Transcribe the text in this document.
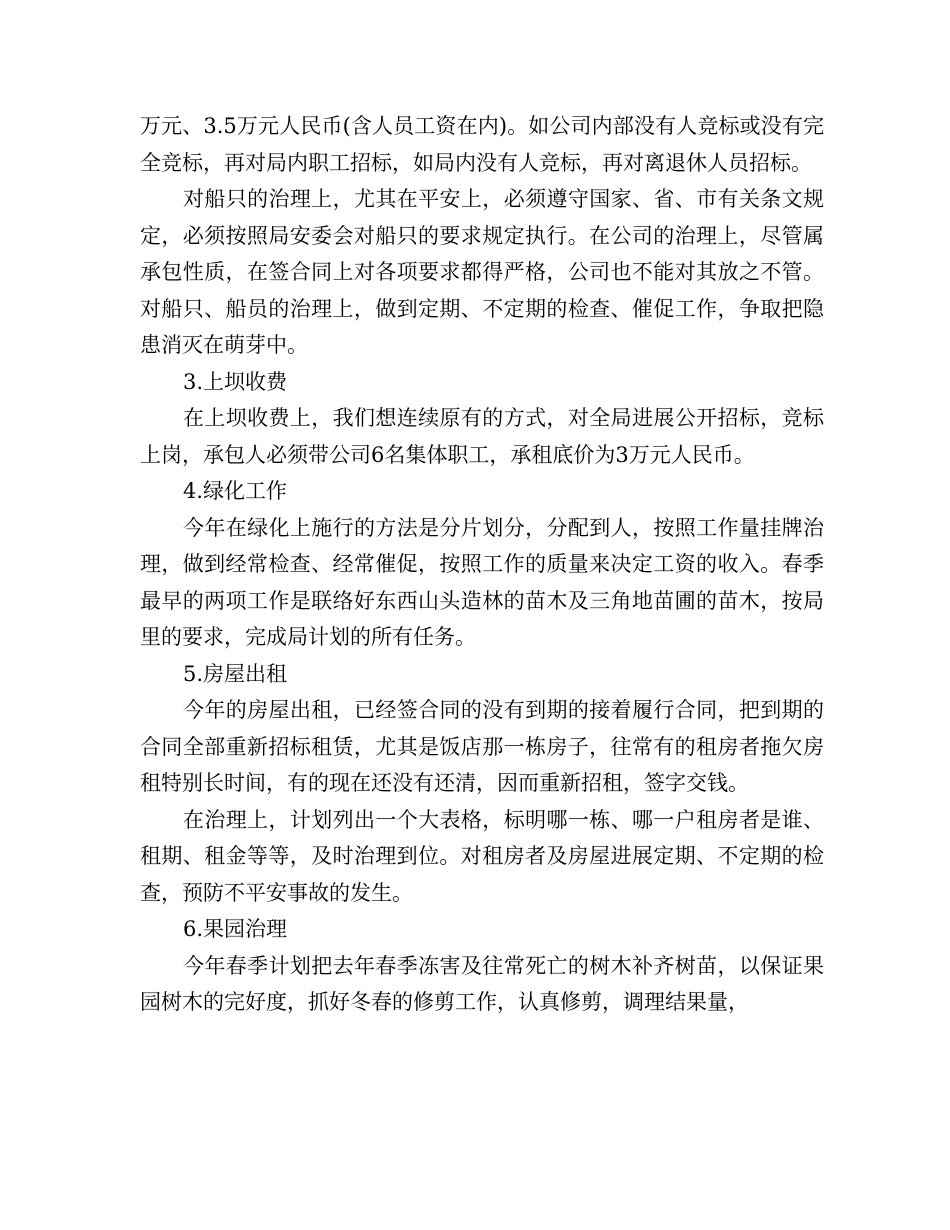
万元、3.5万元人民币(含人员工资在内)。如公司内部没有人竞标或没有完全竞标，再对局内职工招标，如局内没有人竞标，再对离退休人员招标。

对船只的治理上，尤其在平安上，必须遵守国家、省、市有关条文规定，必须按照局安委会对船只的要求规定执行。在公司的治理上，尽管属承包性质，在签合同上对各项要求都得严格，公司也不能对其放之不管。对船只、船员的治理上，做到定期、不定期的检查、催促工作，争取把隐患消灭在萌芽中。

3.上坝收费

在上坝收费上，我们想连续原有的方式，对全局进展公开招标，竞标上岗，承包人必须带公司6名集体职工，承租底价为3万元人民币。

4.绿化工作

今年在绿化上施行的方法是分片划分，分配到人，按照工作量挂牌治理，做到经常检查、经常催促，按照工作的质量来决定工资的收入。春季最早的两项工作是联络好东西山头造林的苗木及三角地苗圃的苗木，按局里的要求，完成局计划的所有任务。

5.房屋出租

今年的房屋出租，已经签合同的没有到期的接着履行合同，把到期的合同全部重新招标租赁，尤其是饭店那一栋房子，往常有的租房者拖欠房租特别长时间，有的现在还没有还清，因而重新招租，签字交钱。

在治理上，计划列出一个大表格，标明哪一栋、哪一户租房者是谁、租期、租金等等，及时治理到位。对租房者及房屋进展定期、不定期的检查，预防不平安事故的发生。

6.果园治理

今年春季计划把去年春季冻害及往常死亡的树木补齐树苗，以保证果园树木的完好度，抓好冬春的修剪工作，认真修剪，调理结果量，
